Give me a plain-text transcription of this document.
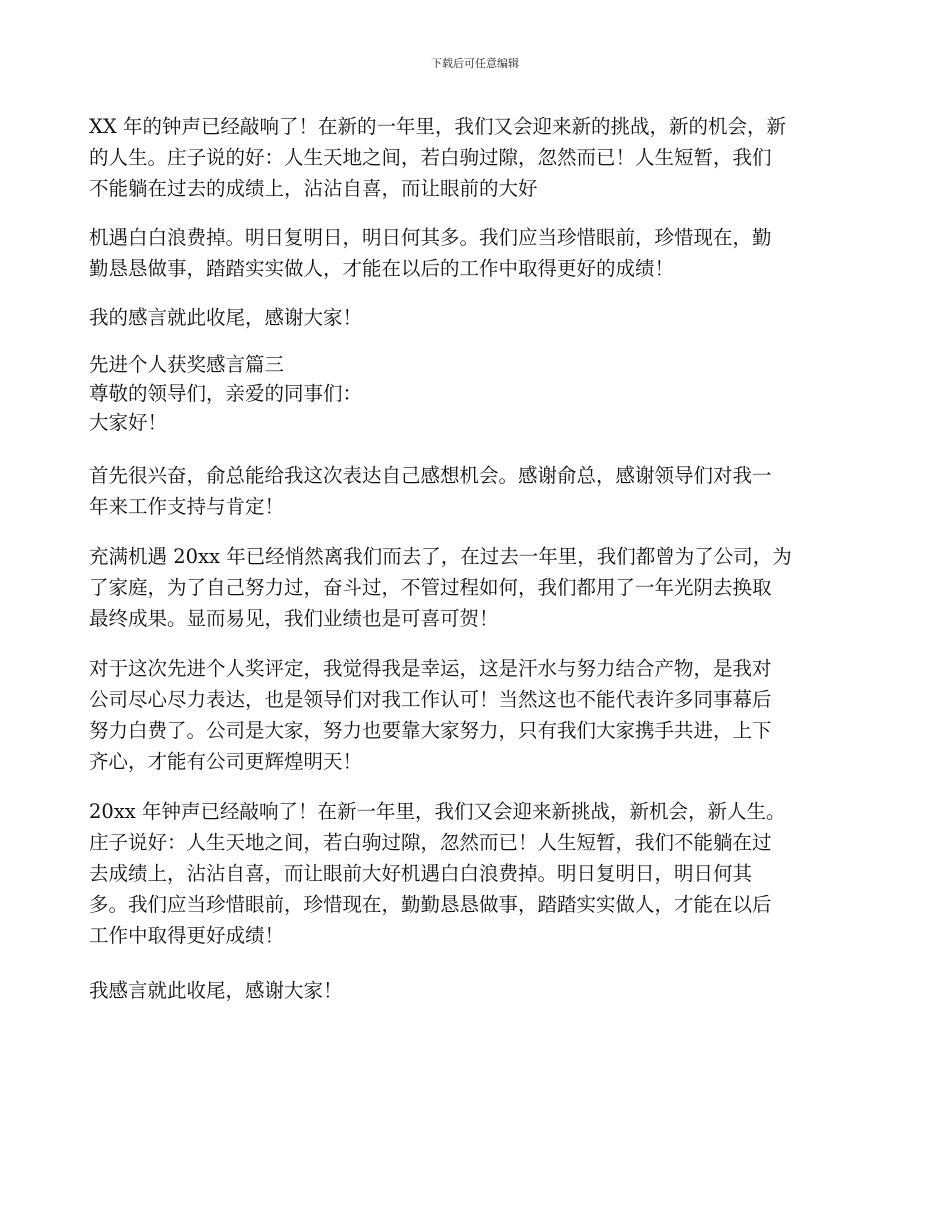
下载后可任意编辑

XX 年的钟声已经敲响了！在新的一年里，我们又会迎来新的挑战，新的机会，新
的人生。庄子说的好：人生天地之间，若白驹过隙，忽然而已！人生短暂，我们
不能躺在过去的成绩上，沾沾自喜，而让眼前的大好

机遇白白浪费掉。明日复明日，明日何其多。我们应当珍惜眼前，珍惜现在，勤
勤恳恳做事，踏踏实实做人，才能在以后的工作中取得更好的成绩！

我的感言就此收尾，感谢大家！

先进个人获奖感言篇三
尊敬的领导们，亲爱的同事们：
大家好！

首先很兴奋，俞总能给我这次表达自己感想机会。感谢俞总，感谢领导们对我一
年来工作支持与肯定！

充满机遇 20xx 年已经悄然离我们而去了，在过去一年里，我们都曾为了公司，为
了家庭，为了自己努力过，奋斗过，不管过程如何，我们都用了一年光阴去换取
最终成果。显而易见，我们业绩也是可喜可贺！

对于这次先进个人奖评定，我觉得我是幸运，这是汗水与努力结合产物，是我对
公司尽心尽力表达，也是领导们对我工作认可！当然这也不能代表许多同事幕后
努力白费了。公司是大家，努力也要靠大家努力，只有我们大家携手共进，上下
齐心，才能有公司更辉煌明天！

20xx 年钟声已经敲响了！在新一年里，我们又会迎来新挑战，新机会，新人生。
庄子说好：人生天地之间，若白驹过隙，忽然而已！人生短暂，我们不能躺在过
去成绩上，沾沾自喜，而让眼前大好机遇白白浪费掉。明日复明日，明日何其
多。我们应当珍惜眼前，珍惜现在，勤勤恳恳做事，踏踏实实做人，才能在以后
工作中取得更好成绩！

我感言就此收尾，感谢大家！
